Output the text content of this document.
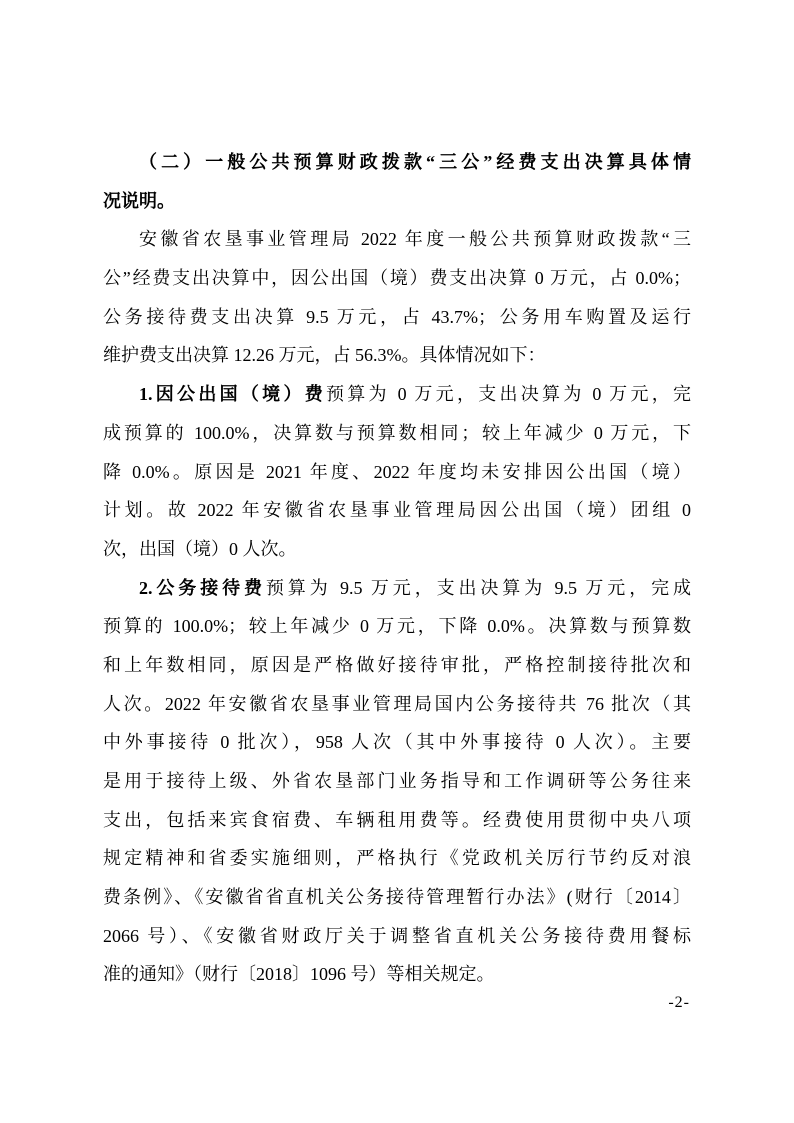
（二）一般公共预算财政拨款“三公”经费支出决算具体情
况说明。
安徽省农垦事业管理局 2022 年度一般公共预算财政拨款“三
公”经费支出决算中，因公出国（境）费支出决算 0 万元，占 0.0%；
公务接待费支出决算 9.5 万元，占 43.7%；公务用车购置及运行
维护费支出决算 12.26 万元，占 56.3%。具体情况如下：
1.因公出国（境）费预算为 0 万元，支出决算为 0 万元，完
成预算的 100.0%，决算数与预算数相同；较上年减少 0 万元，下
降 0.0%。原因是 2021 年度、2022 年度均未安排因公出国（境）
计划。故 2022 年安徽省农垦事业管理局因公出国（境）团组 0
次，出国（境）0 人次。
2.公务接待费预算为 9.5 万元，支出决算为 9.5 万元，完成
预算的 100.0%；较上年减少 0 万元，下降 0.0%。决算数与预算数
和上年数相同，原因是严格做好接待审批，严格控制接待批次和
人次。2022 年安徽省农垦事业管理局国内公务接待共 76 批次（其
中外事接待 0 批次），958 人次（其中外事接待 0 人次）。主要
是用于接待上级、外省农垦部门业务指导和工作调研等公务往来
支出，包括来宾食宿费、车辆租用费等。经费使用贯彻中央八项
规定精神和省委实施细则，严格执行《党政机关厉行节约反对浪
费条例》、《安徽省省直机关公务接待管理暂行办法》(财行〔2014〕
2066 号）、《安徽省财政厅关于调整省直机关公务接待费用餐标
准的通知》（财行〔2018〕1096 号）等相关规定。
-2-
